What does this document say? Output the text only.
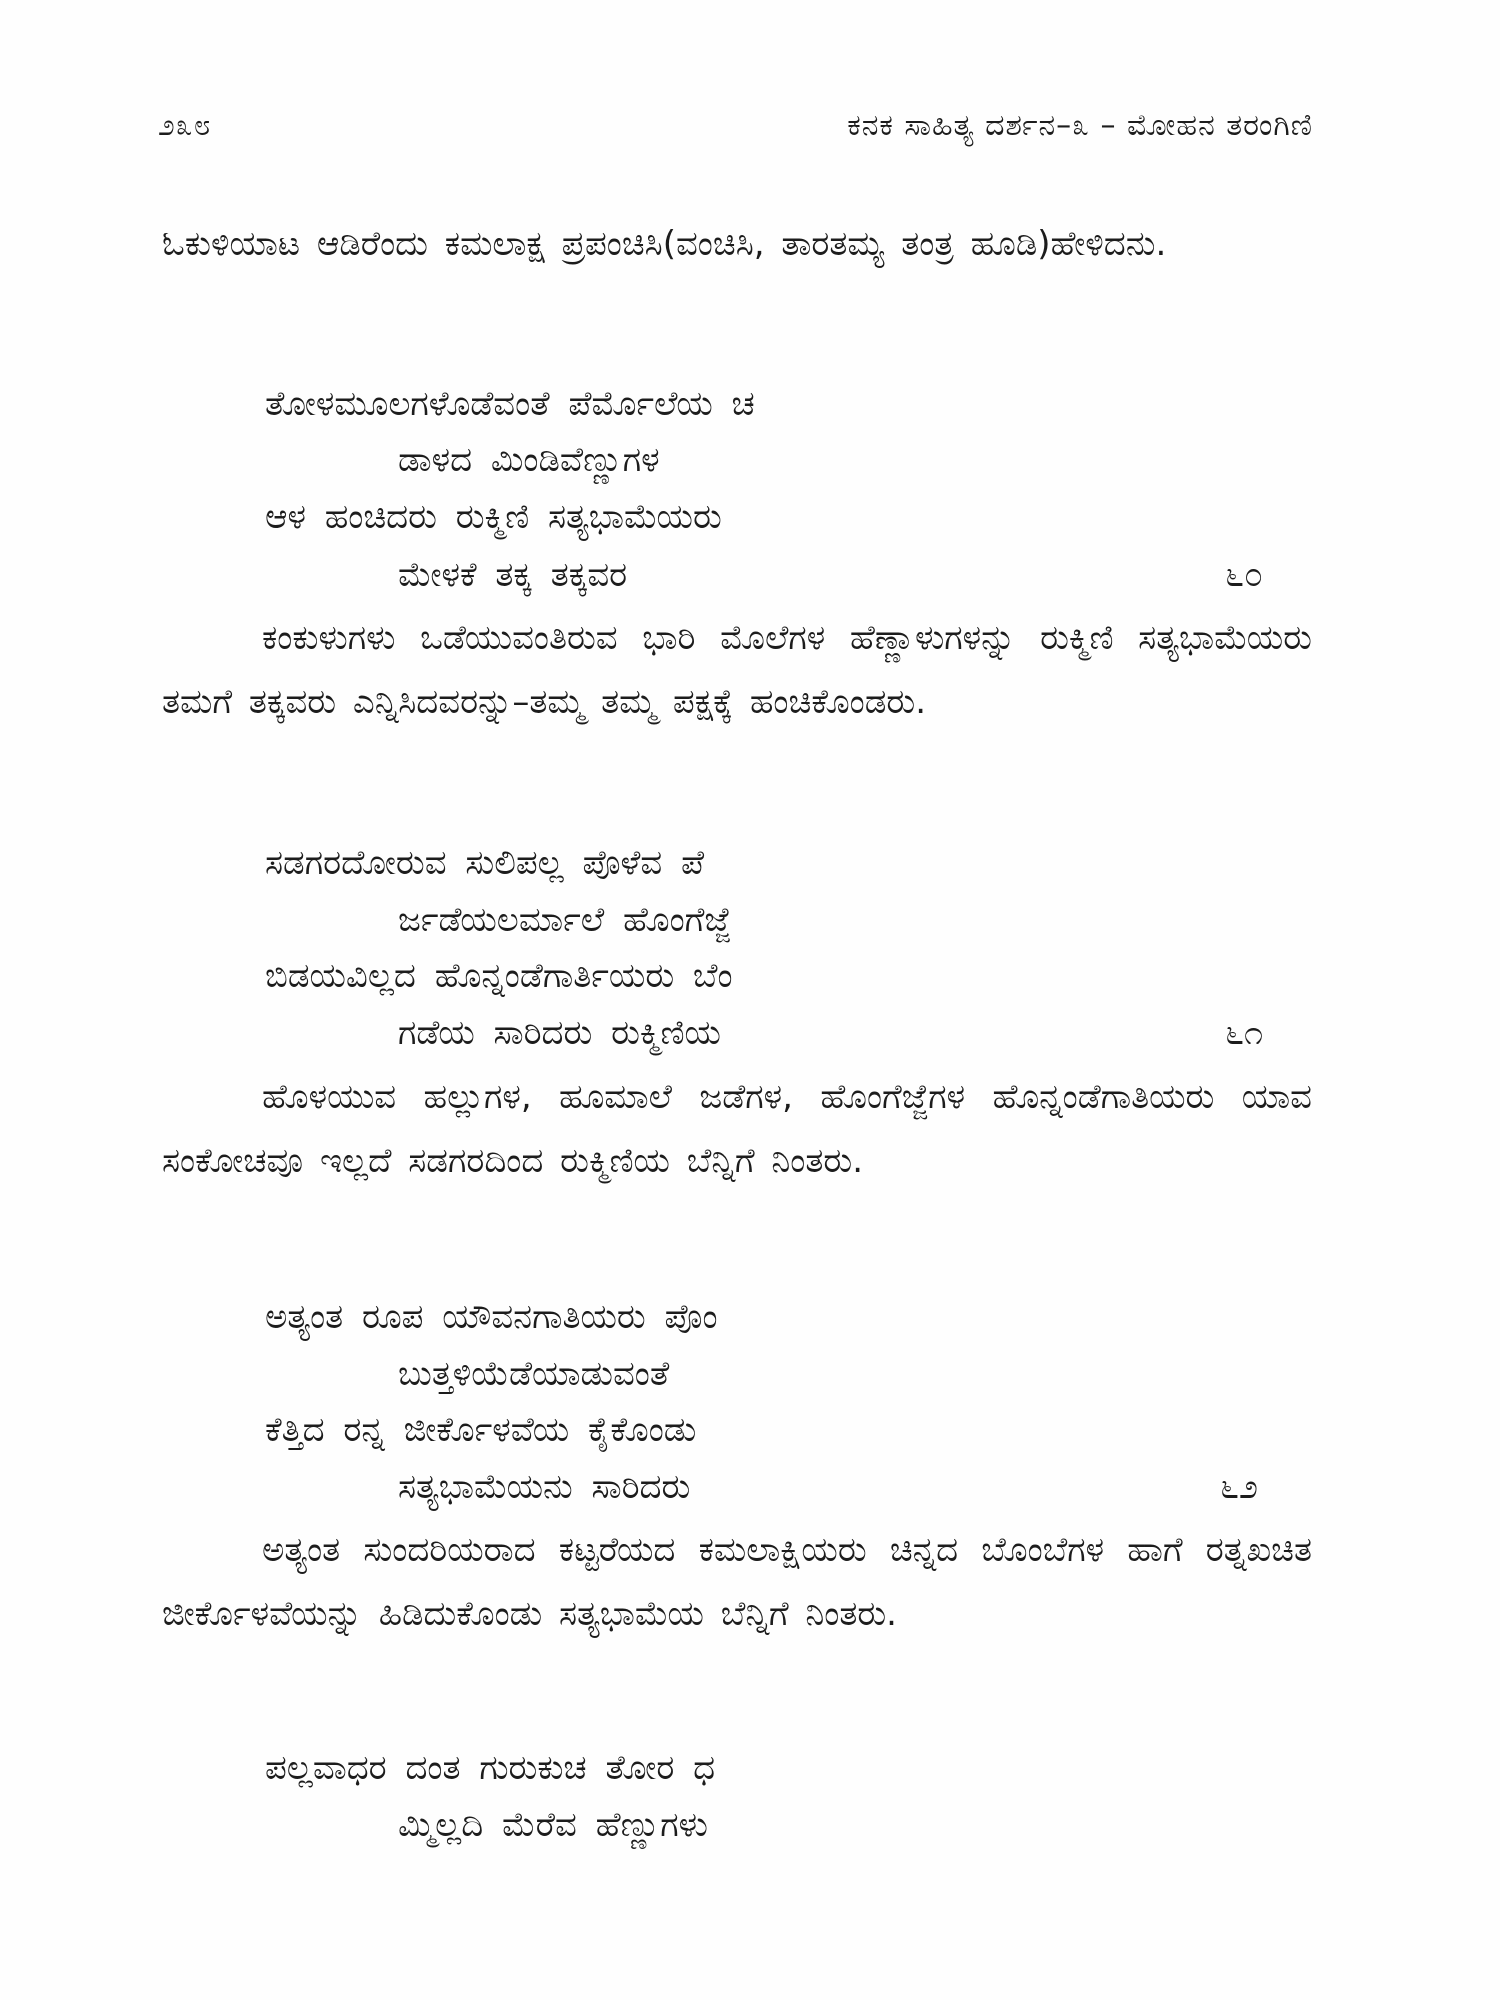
೨೩೮	ಕನಕ ಸಾಹಿತ್ಯ ದರ್ಶನ–೩ – ಮೋಹನ ತರಂಗಿಣಿ

ಓಕುಳಿಯಾಟ ಆಡಿರೆಂದು ಕಮಲಾಕ್ಷ ಪ್ರಪಂಚಿಸಿ(ವಂಚಿಸಿ, ತಾರತಮ್ಯ ತಂತ್ರ ಹೂಡಿ)ಹೇಳಿದನು.

ತೋಳಮೂಲಗಳೊಡೆವಂತೆ ಪೆರ್ಮೊಲೆಯ ಚ

ಡಾಳದ ಮಿಂಡಿವೆಣ್ಣುಗಳ

ಆಳ ಹಂಚಿದರು ರುಕ್ಮಿಣಿ ಸತ್ಯಭಾಮೆಯರು

ಮೇಳಕೆ ತಕ್ಕ ತಕ್ಕವರ	೬೦

ಕಂಕುಳುಗಳು ಒಡೆಯುವಂತಿರುವ ಭಾರಿ ಮೊಲೆಗಳ ಹೆಣ್ಣಾಳುಗಳನ್ನು ರುಕ್ಮಿಣಿ ಸತ್ಯಭಾಮೆಯರು ತಮಗೆ ತಕ್ಕವರು ಎನ್ನಿಸಿದವರನ್ನು–ತಮ್ಮ ತಮ್ಮ ಪಕ್ಷಕ್ಕೆ ಹಂಚಿಕೊಂಡರು.

ಸಡಗರದೋರುವ ಸುಲಿಪಲ್ಲ ಪೊಳೆವ ಪೆ

ರ್ಜಡೆಯಲರ್ಮಾಲೆ ಹೊಂಗೆಜ್ಜೆ

ಬಿಡಯವಿಲ್ಲದ ಹೊನ್ನಂಡೆಗಾರ್ತಿಯರು ಬೆಂ

ಗಡೆಯ ಸಾರಿದರು ರುಕ್ಮಿಣಿಯ	೬೧

ಹೊಳಯುವ ಹಲ್ಲುಗಳ, ಹೂಮಾಲೆ ಜಡೆಗಳ, ಹೊಂಗೆಜ್ಜೆಗಳ ಹೊನ್ನಂಡೆಗಾತಿಯರು ಯಾವ ಸಂಕೋಚವೂ ಇಲ್ಲದೆ ಸಡಗರದಿಂದ ರುಕ್ಮಿಣಿಯ ಬೆನ್ನಿಗೆ ನಿಂತರು.

ಅತ್ಯಂತ ರೂಪ ಯೌವನಗಾತಿಯರು ಪೊಂ

ಬುತ್ತಳಿಯೆಡೆಯಾಡುವಂತೆ

ಕೆತ್ತಿದ ರನ್ನ ಜೀರ್ಕೊಳವೆಯ ಕೈಕೊಂಡು

ಸತ್ಯಭಾಮೆಯನು ಸಾರಿದರು	೬೨

ಅತ್ಯಂತ ಸುಂದರಿಯರಾದ ಕಟ್ಟರೆಯದ ಕಮಲಾಕ್ಷಿಯರು ಚಿನ್ನದ ಬೊಂಬೆಗಳ ಹಾಗೆ ರತ್ನಖಚಿತ ಜೀರ್ಕೊಳವೆಯನ್ನು ಹಿಡಿದುಕೊಂಡು ಸತ್ಯಭಾಮೆಯ ಬೆನ್ನಿಗೆ ನಿಂತರು.

ಪಲ್ಲವಾಧರ ದಂತ ಗುರುಕುಚ ತೋರ ಧ

ಮ್ಮಿಲ್ಲದಿ ಮೆರೆವ ಹೆಣ್ಣುಗಳು
